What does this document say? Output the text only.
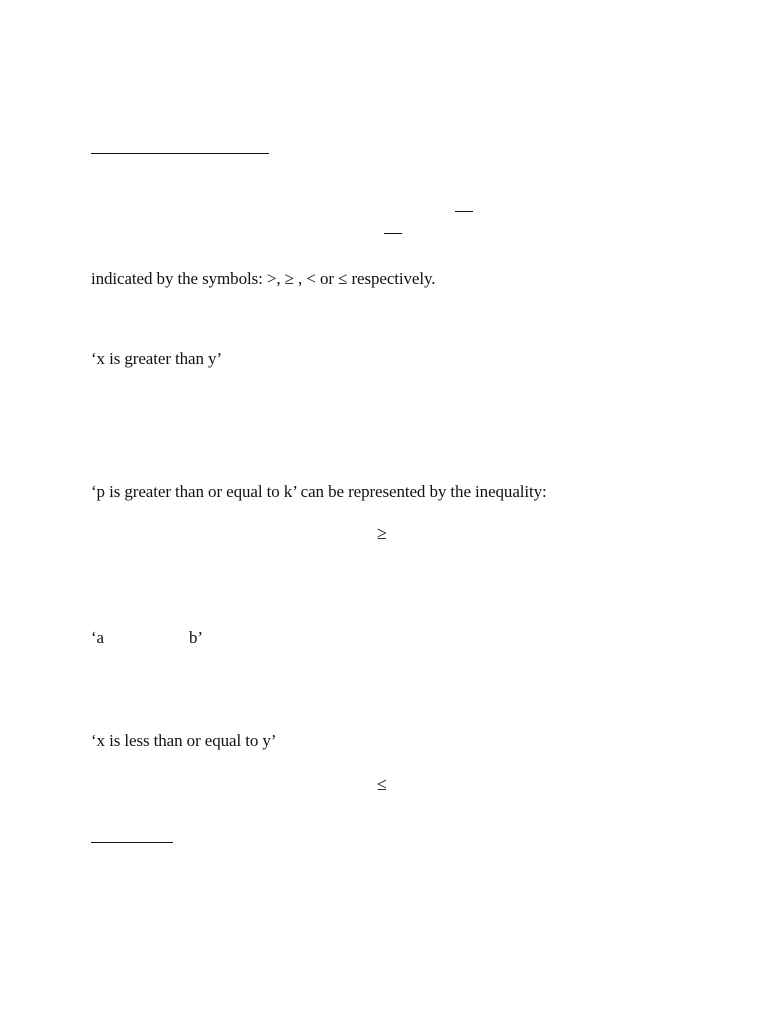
indicated by the symbols: >, ≥ , < or ≤ respectively.
‘x is greater than y’
‘p is greater than or equal to k’ can be represented by the inequality:
≥
‘a	b’
‘x is less than or equal to y’
≤
